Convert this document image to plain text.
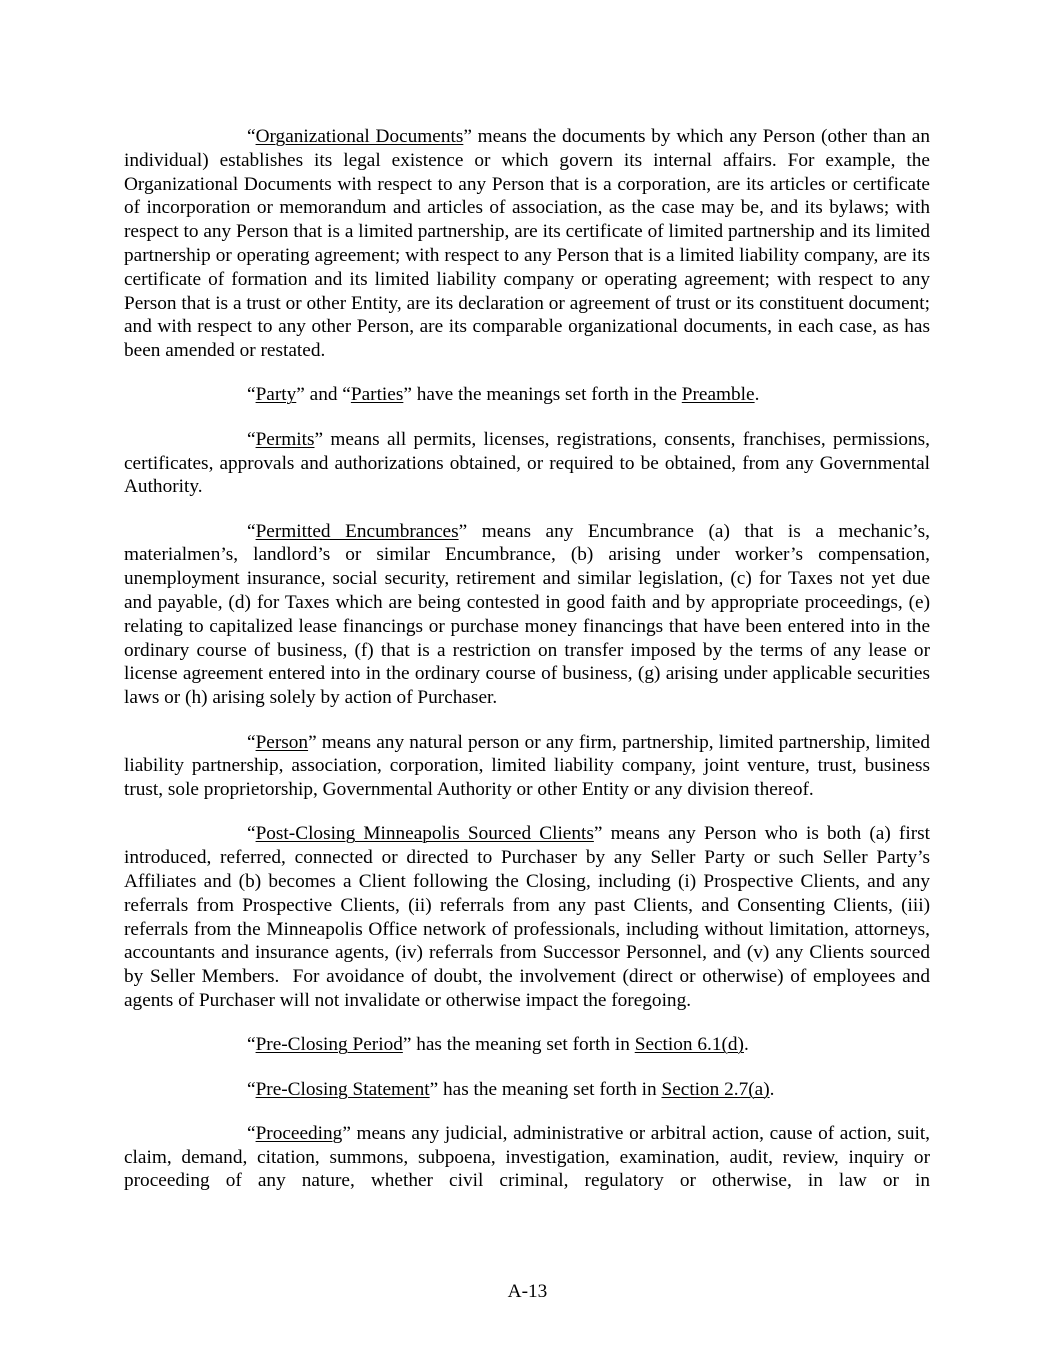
“Organizational Documents” means the documents by which any Person (other than an individual) establishes its legal existence or which govern its internal affairs. For example, the Organizational Documents with respect to any Person that is a corporation, are its articles or certificate of incorporation or memorandum and articles of association, as the case may be, and its bylaws; with respect to any Person that is a limited partnership, are its certificate of limited partnership and its limited partnership or operating agreement; with respect to any Person that is a limited liability company, are its certificate of formation and its limited liability company or operating agreement; with respect to any Person that is a trust or other Entity, are its declaration or agreement of trust or its constituent document; and with respect to any other Person, are its comparable organizational documents, in each case, as has been amended or restated.

“Party” and “Parties” have the meanings set forth in the Preamble.

“Permits” means all permits, licenses, registrations, consents, franchises, permissions, certificates, approvals and authorizations obtained, or required to be obtained, from any Governmental Authority.

“Permitted Encumbrances” means any Encumbrance (a) that is a mechanic’s, materialmen’s, landlord’s or similar Encumbrance, (b) arising under worker’s compensation, unemployment insurance, social security, retirement and similar legislation, (c) for Taxes not yet due and payable, (d) for Taxes which are being contested in good faith and by appropriate proceedings, (e) relating to capitalized lease financings or purchase money financings that have been entered into in the ordinary course of business, (f) that is a restriction on transfer imposed by the terms of any lease or license agreement entered into in the ordinary course of business, (g) arising under applicable securities laws or (h) arising solely by action of Purchaser.

“Person” means any natural person or any firm, partnership, limited partnership, limited liability partnership, association, corporation, limited liability company, joint venture, trust, business trust, sole proprietorship, Governmental Authority or other Entity or any division thereof.

“Post-Closing Minneapolis Sourced Clients” means any Person who is both (a) first introduced, referred, connected or directed to Purchaser by any Seller Party or such Seller Party’s Affiliates and (b) becomes a Client following the Closing, including (i) Prospective Clients, and any referrals from Prospective Clients, (ii) referrals from any past Clients, and Consenting Clients, (iii) referrals from the Minneapolis Office network of professionals, including without limitation, attorneys, accountants and insurance agents, (iv) referrals from Successor Personnel, and (v) any Clients sourced by Seller Members.  For avoidance of doubt, the involvement (direct or otherwise) of employees and agents of Purchaser will not invalidate or otherwise impact the foregoing.

“Pre-Closing Period” has the meaning set forth in Section 6.1(d).

“Pre-Closing Statement” has the meaning set forth in Section 2.7(a).

“Proceeding” means any judicial, administrative or arbitral action, cause of action, suit, claim, demand, citation, summons, subpoena, investigation, examination, audit, review, inquiry or proceeding of any nature, whether civil criminal, regulatory or otherwise, in law or in

A-13
